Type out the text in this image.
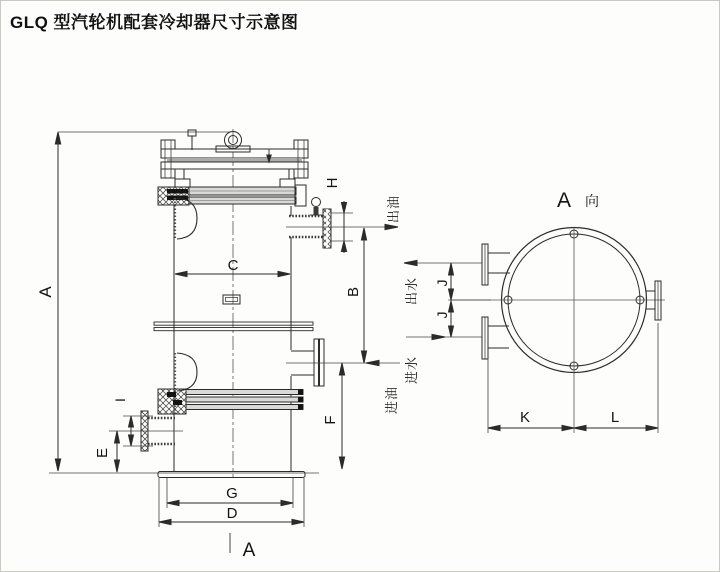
GLQ 型汽轮机配套冷却器尺寸示意图
A	B
C
D
E
F
G
H
I
J
J
K	L
出油
出水
进水
进油
A
A	向
